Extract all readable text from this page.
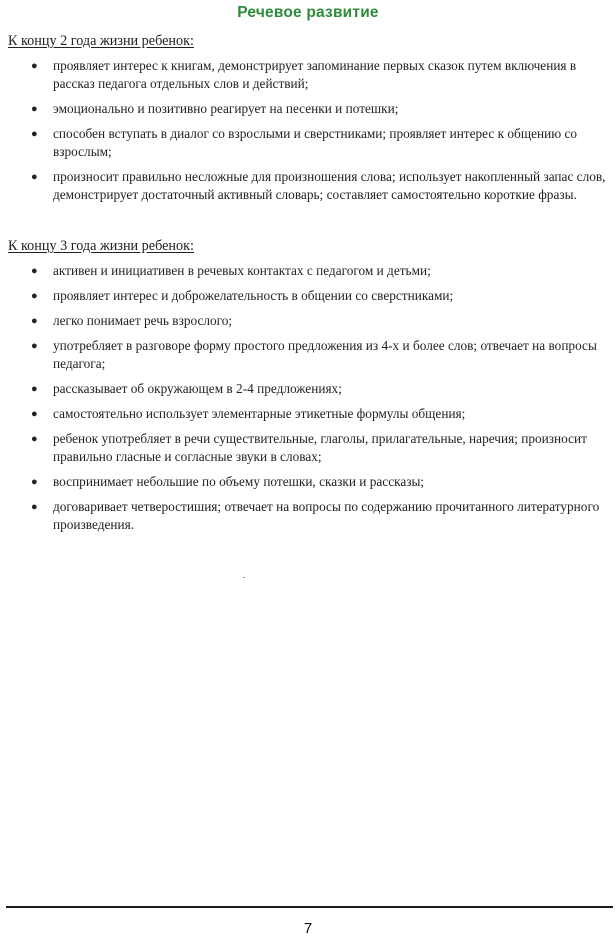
Речевое развитие
К концу 2 года жизни ребенок:
● проявляет интерес к книгам, демонстрирует запоминание первых сказок путем включения в рассказ педагога отдельных слов и действий;
● эмоционально и позитивно реагирует на песенки и потешки;
● способен вступать в диалог со взрослыми и сверстниками; проявляет интерес к общению со взрослым;
● произносит правильно несложные для произношения слова; использует накопленный запас слов, демонстрирует достаточный активный словарь; составляет самостоятельно короткие фразы.
К концу 3 года жизни ребенок:
● активен и инициативен в речевых контактах с педагогом и детьми;
● проявляет интерес и доброжелательность в общении со сверстниками;
● легко понимает речь взрослого;
● употребляет в разговоре форму простого предложения из 4-х и более слов; отвечает на вопросы педагога;
● рассказывает об окружающем в 2-4 предложениях;
● самостоятельно использует элементарные этикетные формулы общения;
● ребенок употребляет в речи существительные, глаголы, прилагательные, наречия; произносит правильно гласные и согласные звуки в словах;
● воспринимает небольшие по объему потешки, сказки и рассказы;
● договаривает четверостишия; отвечает на вопросы по содержанию прочитанного литературного произведения.
7
